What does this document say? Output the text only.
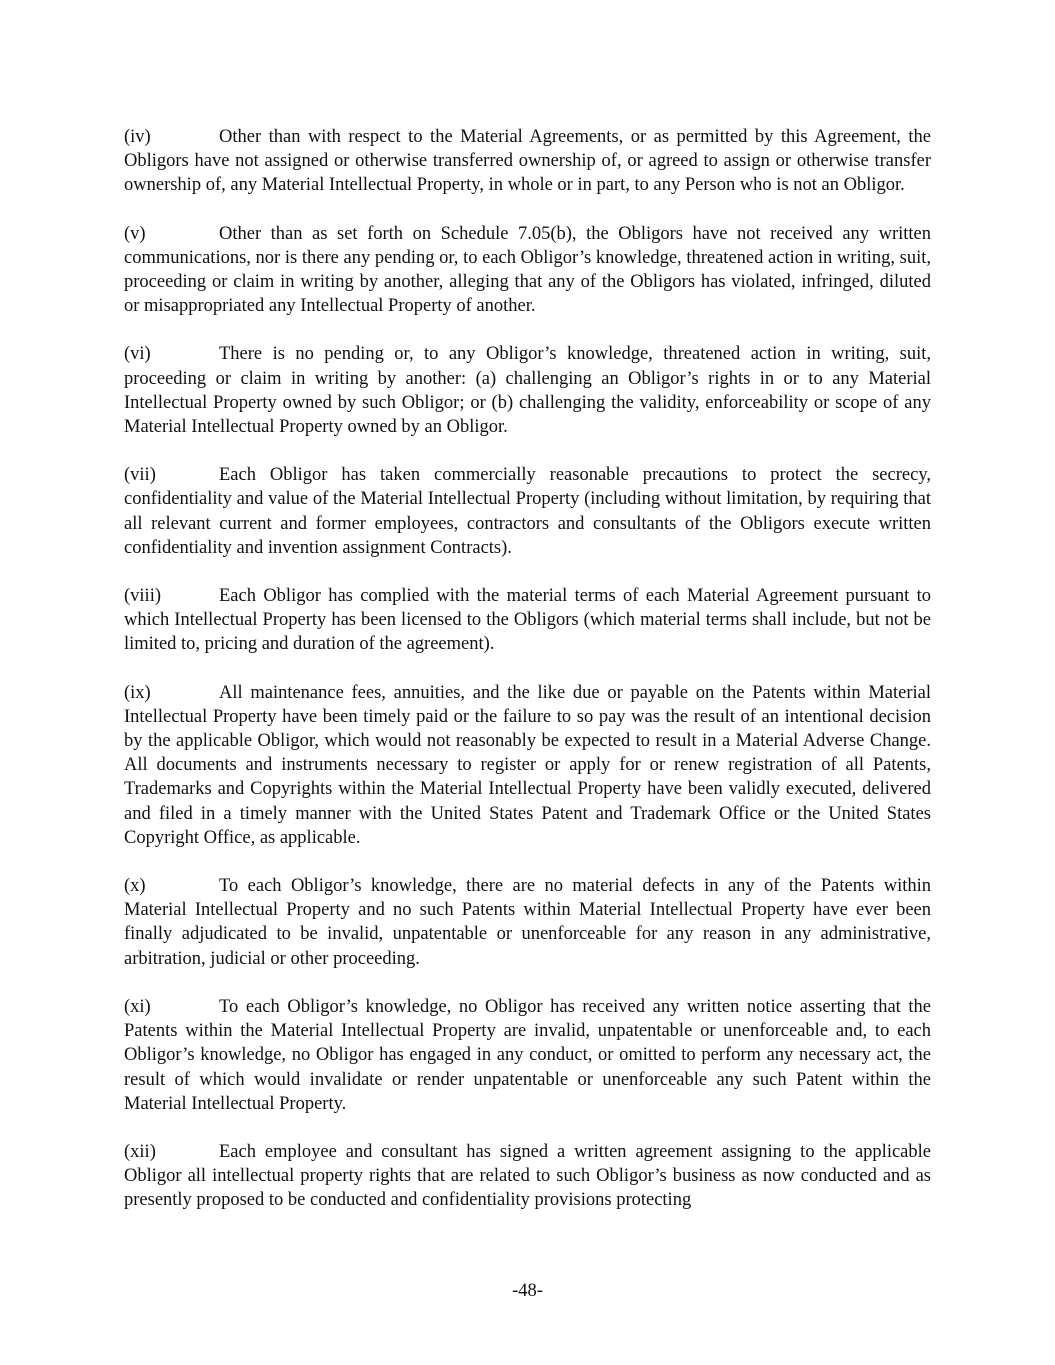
(iv)	Other than with respect to the Material Agreements, or as permitted by this Agreement, the Obligors have not assigned or otherwise transferred ownership of, or agreed to assign or otherwise transfer ownership of, any Material Intellectual Property, in whole or in part, to any Person who is not an Obligor.

(v)	Other than as set forth on Schedule 7.05(b), the Obligors have not received any written communications, nor is there any pending or, to each Obligor’s knowledge, threatened action in writing, suit, proceeding or claim in writing by another, alleging that any of the Obligors has violated, infringed, diluted or misappropriated any Intellectual Property of another.

(vi)	There is no pending or, to any Obligor’s knowledge, threatened action in writing, suit, proceeding or claim in writing by another: (a) challenging an Obligor’s rights in or to any Material Intellectual Property owned by such Obligor; or (b) challenging the validity, enforceability or scope of any Material Intellectual Property owned by an Obligor.

(vii)	Each Obligor has taken commercially reasonable precautions to protect the secrecy, confidentiality and value of the Material Intellectual Property (including without limitation, by requiring that all relevant current and former employees, contractors and consultants of the Obligors execute written confidentiality and invention assignment Contracts).

(viii)	Each Obligor has complied with the material terms of each Material Agreement pursuant to which Intellectual Property has been licensed to the Obligors (which material terms shall include, but not be limited to, pricing and duration of the agreement).

(ix)	All maintenance fees, annuities, and the like due or payable on the Patents within Material Intellectual Property have been timely paid or the failure to so pay was the result of an intentional decision by the applicable Obligor, which would not reasonably be expected to result in a Material Adverse Change. All documents and instruments necessary to register or apply for or renew registration of all Patents, Trademarks and Copyrights within the Material Intellectual Property have been validly executed, delivered and filed in a timely manner with the United States Patent and Trademark Office or the United States Copyright Office, as applicable.

(x)	To each Obligor’s knowledge, there are no material defects in any of the Patents within Material Intellectual Property and no such Patents within Material Intellectual Property have ever been finally adjudicated to be invalid, unpatentable or unenforceable for any reason in any administrative, arbitration, judicial or other proceeding.

(xi)	To each Obligor’s knowledge, no Obligor has received any written notice asserting that the Patents within the Material Intellectual Property are invalid, unpatentable or unenforceable and, to each Obligor’s knowledge, no Obligor has engaged in any conduct, or omitted to perform any necessary act, the result of which would invalidate or render unpatentable or unenforceable any such Patent within the Material Intellectual Property.

(xii)	Each employee and consultant has signed a written agreement assigning to the applicable Obligor all intellectual property rights that are related to such Obligor’s business as now conducted and as presently proposed to be conducted and confidentiality provisions protecting

-48-
